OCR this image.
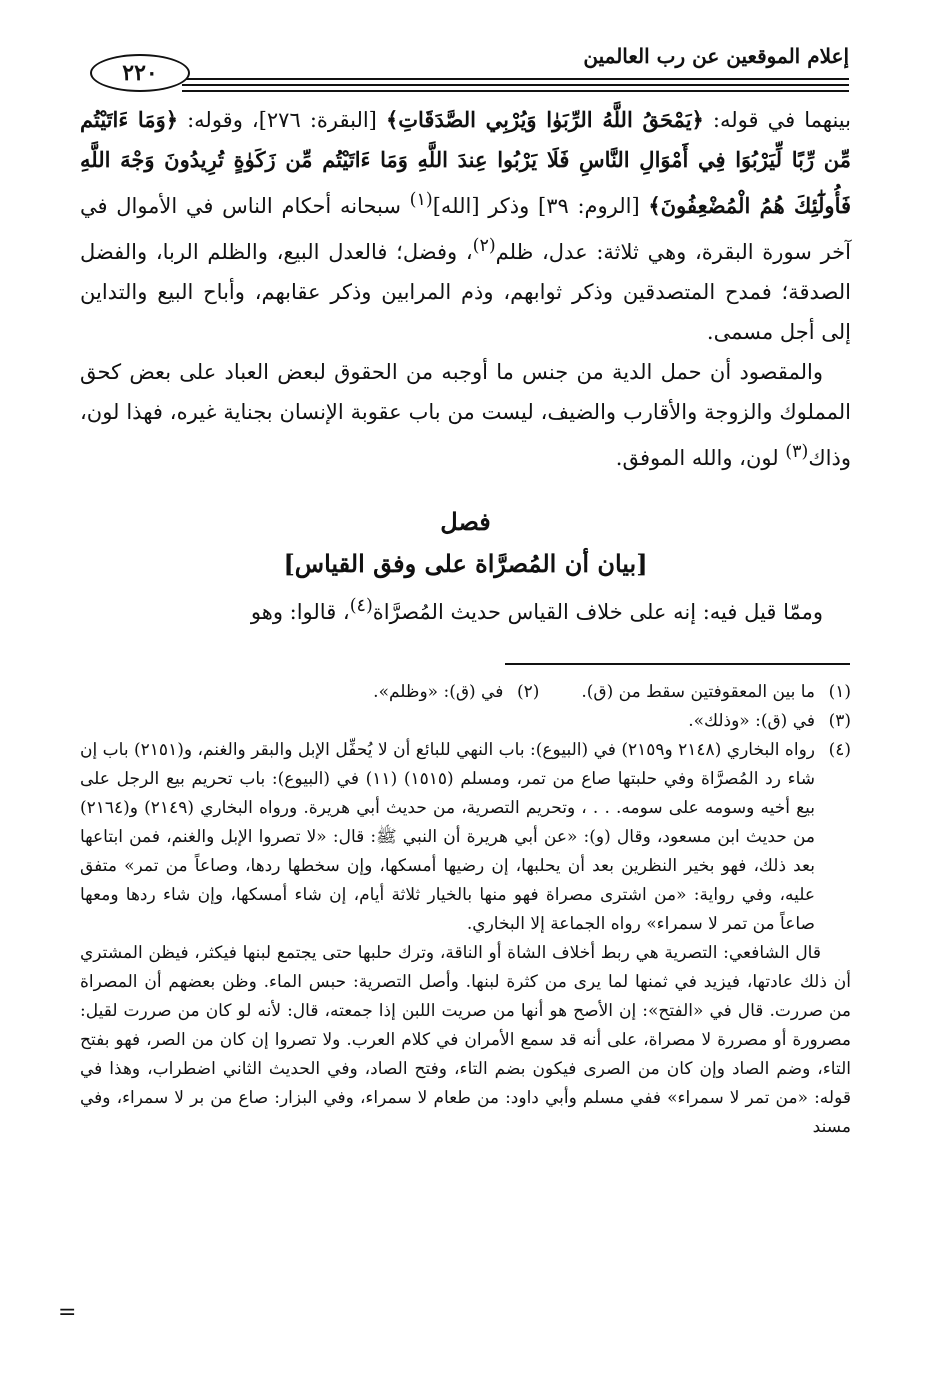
إعلام الموقعين عن رب العالمين
٢٢٠

بينهما في قوله: ﴿يَمْحَقُ اللَّهُ الرِّبَوٰا وَيُرْبِي الصَّدَقَاتِ﴾ [البقرة: ٢٧٦]، وقوله: ﴿وَمَا ءَاتَيْتُم مِّن رِّبًا لِّيَرْبُوَا فِي أَمْوَالِ النَّاسِ فَلَا يَرْبُوا عِندَ اللَّهِ وَمَا ءَاتَيْتُم مِّن زَكَوٰةٍ تُرِيدُونَ وَجْهَ اللَّهِ فَأُولَٰٓئِكَ هُمُ الْمُضْعِفُونَ﴾ [الروم: ٣٩] وذكر [الله]$^{(١)}$ سبحانه أحكام الناس في الأموال في آخر سورة البقرة، وهي ثلاثة: عدل، ظلم$^{(٢)}$، وفضل؛ فالعدل البيع، والظلم الربا، والفضل الصدقة؛ فمدح المتصدقين وذكر ثوابهم، وذم المرابين وذكر عقابهم، وأباح البيع والتداين إلى أجل مسمى.

والمقصود أن حمل الدية من جنس ما أوجبه من الحقوق لبعض العباد على بعض كحق المملوك والزوجة والأقارب والضيف، ليست من باب عقوبة الإنسان بجناية غيره، فهذا لون، وذاك$^{(٣)}$ لون، والله الموفق.

فصل
[بيان أن المُصرَّاة على وفق القياس]

وممّا قيل فيه: إنه على خلاف القياس حديث المُصرَّاة$^{(٤)}$، قالوا: وهو

(١)
ما بين المعقوفتين سقط من (ق).
(٢)
في (ق): «وظلم».
(٣)
في (ق): «وذلك».
(٤)
رواه البخاري (٢١٤٨ و٢١٥٩) في (البيوع): باب النهي للبائع أن لا يُحفِّل الإبل والبقر والغنم، و(٢١٥١) باب إن شاء رد المُصرَّاة وفي حلبتها صاع من تمر، ومسلم (١٥١٥) (١١) في (البيوع): باب تحريم بيع الرجل على بيع أخيه وسومه على سومه. . . ، وتحريم التصرية، من حديث أبي هريرة. ورواه البخاري (٢١٤٩) و(٢١٦٤) من حديث ابن مسعود، وقال (و): «عن أبي هريرة أن النبي ﷺ: قال: «لا تصروا الإبل والغنم، فمن ابتاعها بعد ذلك، فهو بخير النظرين بعد أن يحلبها، إن رضيها أمسكها، وإن سخطها ردها، وصاعاً من تمر» متفق عليه، وفي رواية: «من اشترى مصراة فهو منها بالخيار ثلاثة أيام، إن شاء أمسكها، وإن شاء ردها ومعها صاعاً من تمر لا سمراء» رواه الجماعة إلا البخاري.

قال الشافعي: التصرية هي ربط أخلاف الشاة أو الناقة، وترك حلبها حتى يجتمع لبنها فيكثر، فيظن المشتري أن ذلك عادتها، فيزيد في ثمنها لما يرى من كثرة لبنها. وأصل التصرية: حبس الماء. وظن بعضهم أن المصراة من صررت. قال في «الفتح»: إن الأصح هو أنها من صريت اللبن إذا جمعته، قال: لأنه لو كان من صررت لقيل: مصرورة أو مصررة لا مصراة، على أنه قد سمع الأمران في كلام العرب. ولا تصروا إن كان من الصر، فهو بفتح التاء، وضم الصاد وإن كان من الصرى فيكون بضم التاء، وفتح الصاد، وفي الحديث الثاني اضطراب، وهذا في قوله: «من تمر لا سمراء» ففي مسلم وأبي داود: من طعام لا سمراء، وفي البزار: صاع من بر لا سمراء، وفي مسند

=
